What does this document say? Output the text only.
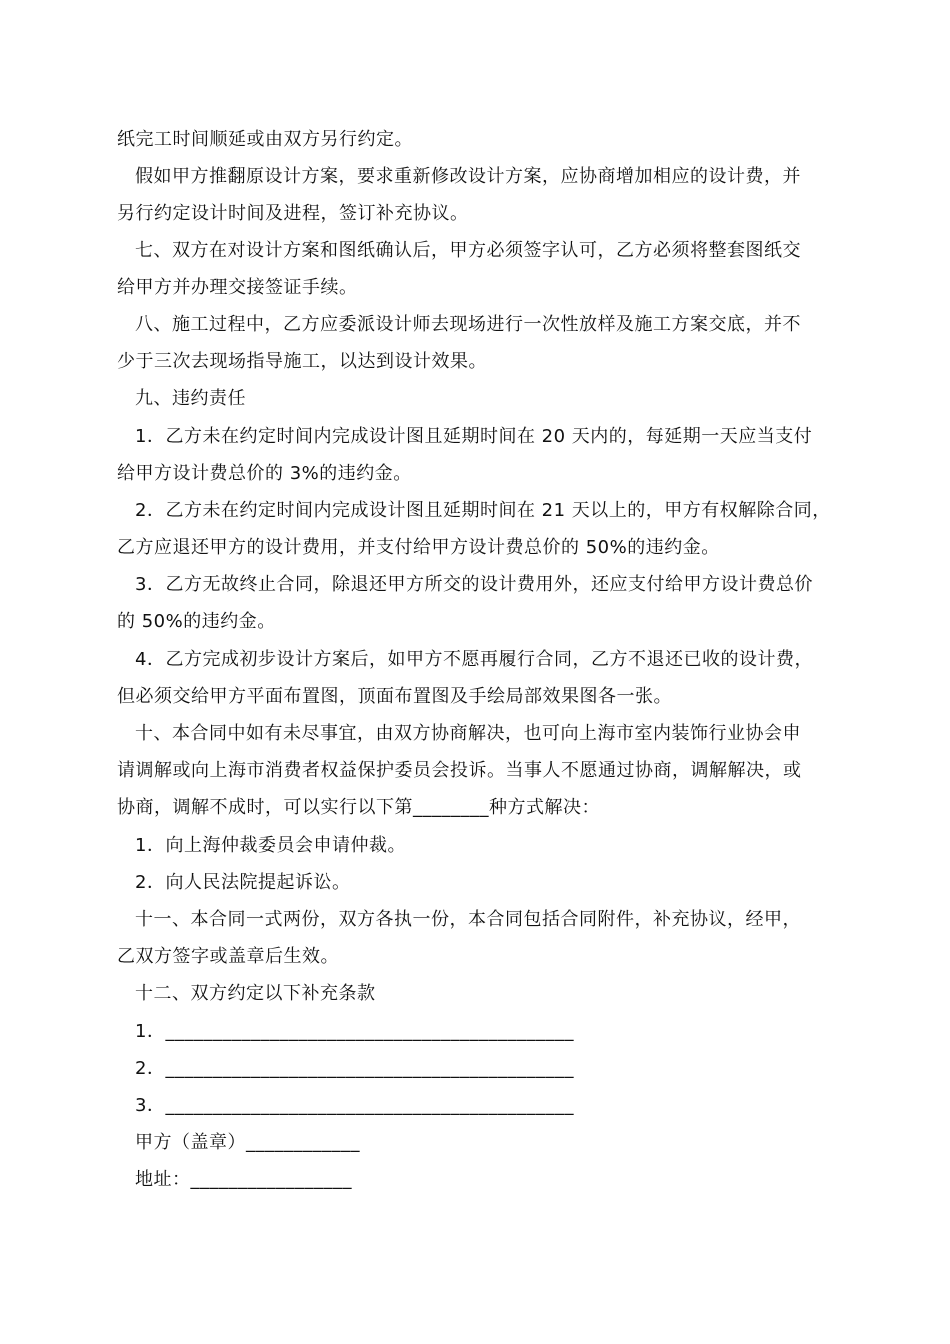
纸完工时间顺延或由双方另行约定。
假如甲方推翻原设计方案，要求重新修改设计方案，应协商增加相应的设计费，并
另行约定设计时间及进程，签订补充协议。
七、双方在对设计方案和图纸确认后，甲方必须签字认可，乙方必须将整套图纸交
给甲方并办理交接签证手续。
八、施工过程中，乙方应委派设计师去现场进行一次性放样及施工方案交底，并不
少于三次去现场指导施工，以达到设计效果。
九、违约责任
1．乙方未在约定时间内完成设计图且延期时间在 20 天内的，每延期一天应当支付
给甲方设计费总价的 3%的违约金。
2．乙方未在约定时间内完成设计图且延期时间在 21 天以上的，甲方有权解除合同，
乙方应退还甲方的设计费用，并支付给甲方设计费总价的 50%的违约金。
3．乙方无故终止合同，除退还甲方所交的设计费用外，还应支付给甲方设计费总价
的 50%的违约金。
4．乙方完成初步设计方案后，如甲方不愿再履行合同，乙方不退还已收的设计费，
但必须交给甲方平面布置图，顶面布置图及手绘局部效果图各一张。
十、本合同中如有未尽事宜，由双方协商解决，也可向上海市室内装饰行业协会申
请调解或向上海市消费者权益保护委员会投诉。当事人不愿通过协商，调解解决，或
协商，调解不成时，可以实行以下第________种方式解决：
1．向上海仲裁委员会申请仲裁。
2．向人民法院提起诉讼。
十一、本合同一式两份，双方各执一份，本合同包括合同附件，补充协议，经甲，
乙双方签字或盖章后生效。
十二、双方约定以下补充条款
1．___________________________________________
2．___________________________________________
3．___________________________________________
甲方（盖章）____________
地址：_________________
